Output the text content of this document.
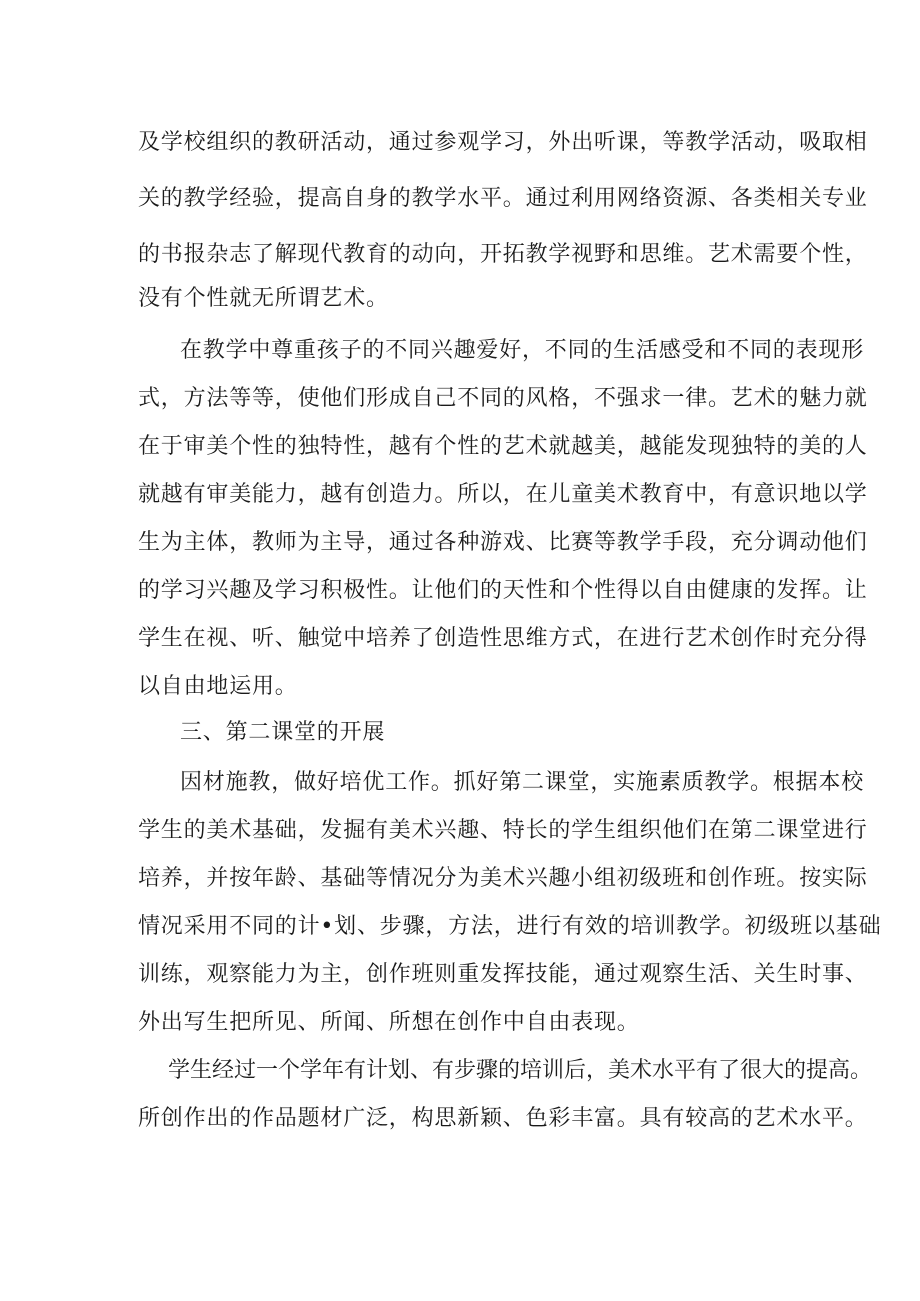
及学校组织的教研活动，通过参观学习，外出听课，等教学活动，吸取相
关的教学经验，提高自身的教学水平。通过利用网络资源、各类相关专业
的书报杂志了解现代教育的动向，开拓教学视野和思维。艺术需要个性，
没有个性就无所谓艺术。
在教学中尊重孩子的不同兴趣爱好，不同的生活感受和不同的表现形
式，方法等等，使他们形成自己不同的风格，不强求一律。艺术的魅力就
在于审美个性的独特性，越有个性的艺术就越美，越能发现独特的美的人
就越有审美能力，越有创造力。所以，在儿童美术教育中，有意识地以学
生为主体，教师为主导，通过各种游戏、比赛等教学手段，充分调动他们
的学习兴趣及学习积极性。让他们的天性和个性得以自由健康的发挥。让
学生在视、听、触觉中培养了创造性思维方式，在进行艺术创作时充分得
以自由地运用。
三、第二课堂的开展
因材施教，做好培优工作。抓好第二课堂，实施素质教学。根据本校
学生的美术基础，发掘有美术兴趣、特长的学生组织他们在第二课堂进行
培养，并按年龄、基础等情况分为美术兴趣小组初级班和创作班。按实际
情况采用不同的计•划、步骤，方法，进行有效的培训教学。初级班以基础
训练，观察能力为主，创作班则重发挥技能，通过观察生活、关生时事、
外出写生把所见、所闻、所想在创作中自由表现。
学生经过一个学年有计划、有步骤的培训后，美术水平有了很大的提高。
所创作出的作品题材广泛，构思新颖、色彩丰富。具有较高的艺术水平。
